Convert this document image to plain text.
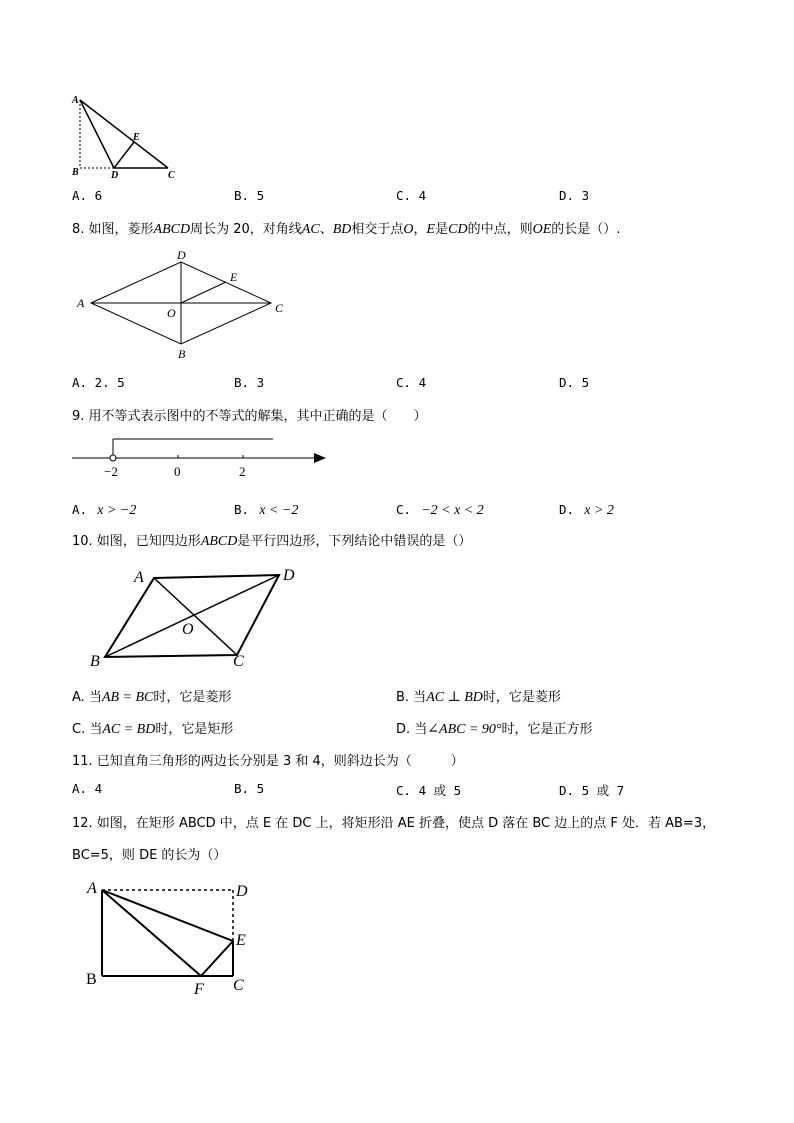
A
B	D
E
C
A. 6	B. 5	C. 4	D. 3
8. 如图，菱形ABCD周长为 20，对角线AC、BD相交于点O，E是CD的中点，则OE的长是（）.
A
D
E
O	C
B
A. 2. 5	B. 3	C. 4	D. 5
9. 用不等式表示图中的不等式的解集，其中正确的是（　　）
−2	0	2
A. x > −2	B. x < −2	C. −2 < x < 2	D. x > 2
10. 如图，已知四边形ABCD是平行四边形，下列结论中错误的是（）
A	D
O
B	C
A. 当AB = BC时，它是菱形	B. 当AC ⊥ BD时，它是菱形
C. 当AC = BD时，它是矩形	D. 当∠ABC = 90°时，它是正方形
11. 已知直角三角形的两边长分别是 3 和 4，则斜边长为（　　　）
A. 4	B. 5	C. 4 或 5	D. 5 或 7
12. 如图，在矩形 ABCD 中，点 E 在 DC 上，将矩形沿 AE 折叠，使点 D 落在 BC 边上的点 F 处．若 AB=3，
BC=5，则 DE 的长为（）
A	D
E
B
F C
